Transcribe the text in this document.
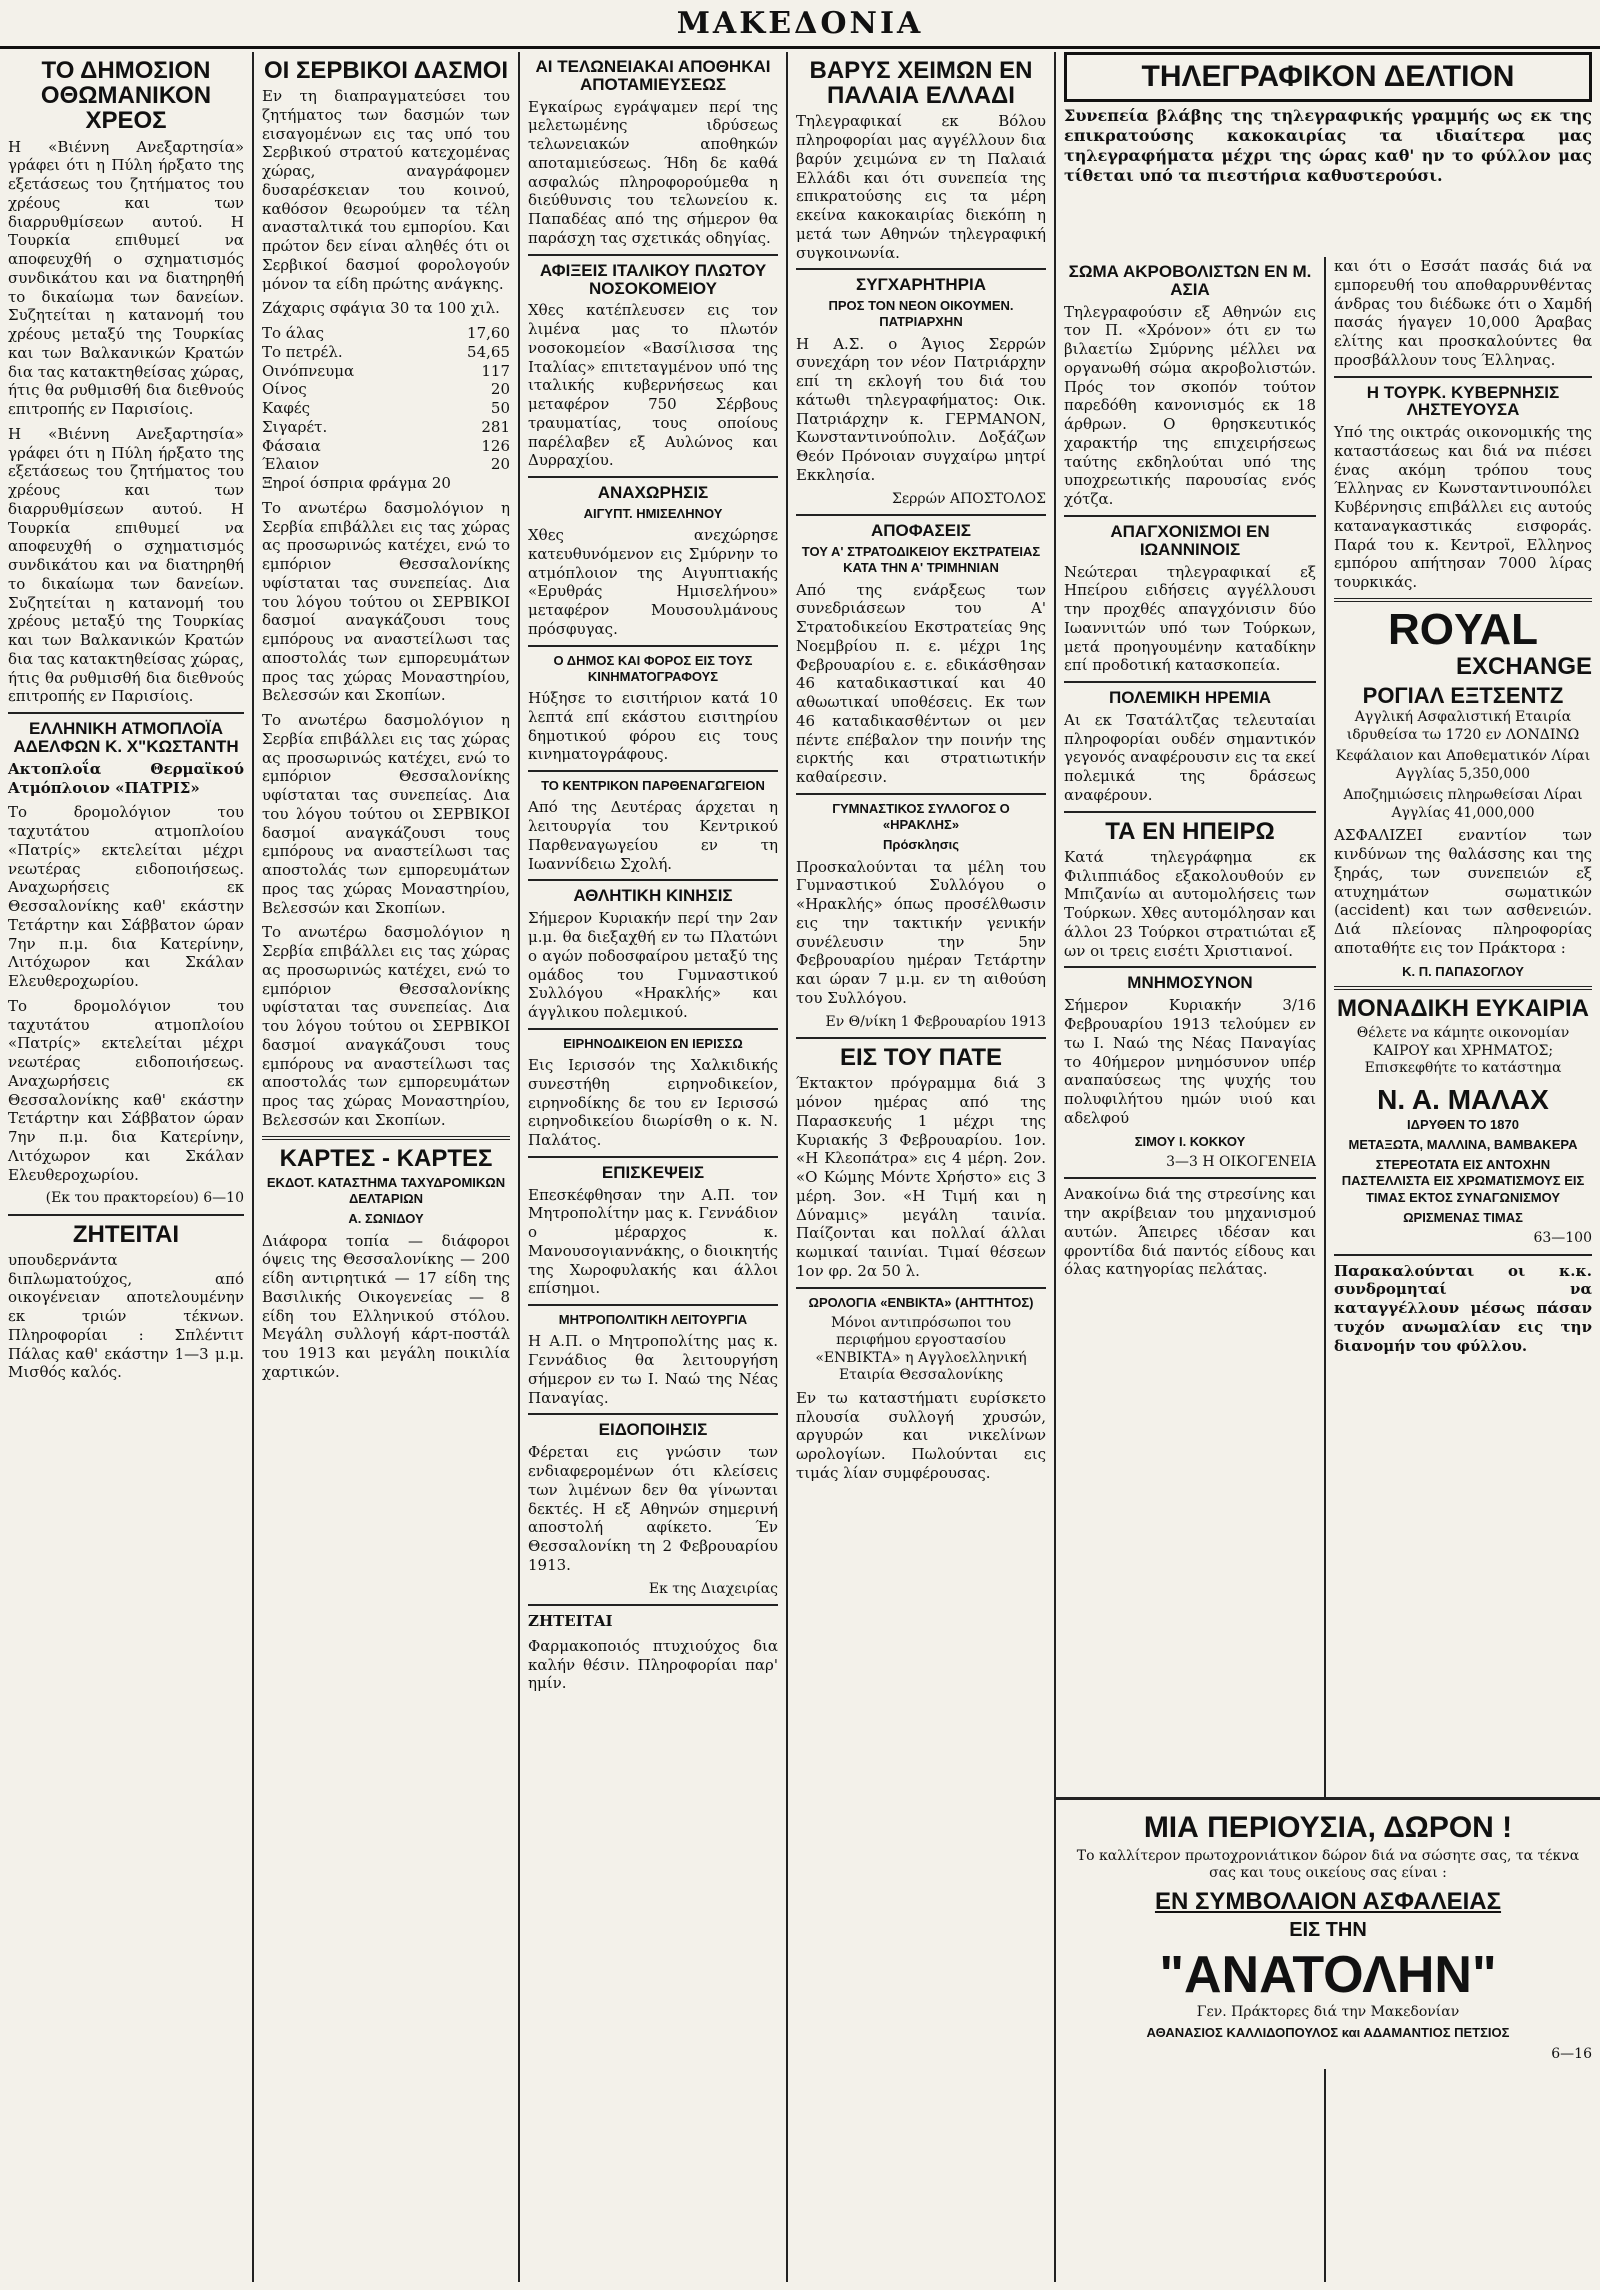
ΜΑΚΕΔΟΝΙΑ
ΤΟ ΔΗΜΟΣΙΟΝ ΟΘΩΜΑΝΙΚΟΝ ΧΡΕΟΣ

Η «Βιέννη Ανεξαρτησία» γράφει ότι η Πύλη ήρξατο της εξετάσεως του ζητήματος του χρέους και των διαρρυθμίσεων αυτού. Η Τουρκία επιθυμεί να αποφευχθή ο σχηματισμός συνδικάτου και να διατηρηθή το δικαίωμα των δανείων. Συζητείται η κατανομή του χρέους μεταξύ της Τουρκίας και των Βαλκανικών Κρατών δια τας κατακτηθείσας χώρας, ήτις θα ρυθμισθή δια διεθνούς επιτροπής εν Παρισίοις.

Η «Βιέννη Ανεξαρτησία» γράφει ότι η Πύλη ήρξατο της εξετάσεως του ζητήματος του χρέους και των διαρρυθμίσεων αυτού. Η Τουρκία επιθυμεί να αποφευχθή ο σχηματισμός συνδικάτου και να διατηρηθή το δικαίωμα των δανείων. Συζητείται η κατανομή του χρέους μεταξύ της Τουρκίας και των Βαλκανικών Κρατών δια τας κατακτηθείσας χώρας, ήτις θα ρυθμισθή δια διεθνούς επιτροπής εν Παρισίοις.

ΕΛΛΗΝΙΚΗ ΑΤΜΟΠΛΟΪΑ ΑΔΕΛΦΩΝ Κ. Χ"ΚΩΣΤΑΝΤΗ

Ακτοπλοΐα Θερμαϊκού Ατμόπλοιον «ΠΑΤΡΙΣ»

Το δρομολόγιον του ταχυτάτου ατμοπλοίου «Πατρίς» εκτελείται μέχρι νεωτέρας ειδοποιήσεως. Αναχωρήσεις εκ Θεσσαλονίκης καθ' εκάστην Τετάρτην και Σάββατον ώραν 7ην π.μ. δια Κατερίνην, Λιτόχωρον και Σκάλαν Ελευθεροχωρίου.

Το δρομολόγιον του ταχυτάτου ατμοπλοίου «Πατρίς» εκτελείται μέχρι νεωτέρας ειδοποιήσεως. Αναχωρήσεις εκ Θεσσαλονίκης καθ' εκάστην Τετάρτην και Σάββατον ώραν 7ην π.μ. δια Κατερίνην, Λιτόχωρον και Σκάλαν Ελευθεροχωρίου.

(Εκ του πρακτορείου) 6—10

ΖΗΤΕΙΤΑΙ

υπουδερνάντα διπλωματούχος, από οικογένειαν αποτελουμένην εκ τριών τέκνων. Πληροφορίαι : Σπλέντιτ Πάλας καθ' εκάστην 1—3 μ.μ. Μισθός καλός.

ΟΙ ΣΕΡΒΙΚΟΙ ΔΑΣΜΟΙ

Εν τη διαπραγματεύσει του ζητήματος των δασμών των εισαγομένων εις τας υπό του Σερβικού στρατού κατεχομένας χώρας, αναγράφομεν δυσαρέσκειαν του κοινού, καθόσον θεωρούμεν τα τέλη ανασταλτικά του εμπορίου. Και πρώτον δεν είναι αληθές ότι οι Σερβικοί δασμοί φορολογούν μόνον τα είδη πρώτης ανάγκης.

Ζάχαρις σφάγια 30 τα 100 χιλ.

Το άλας	17,60
Το πετρέλ.	54,65
Οινόπνευμα	117
Οίνος	20
Καφές	50
Σιγαρέτ.	281
Φάσαια	126
Έλαιον	20

Ξηροί όσπρια φράγμα 20

Το ανωτέρω δασμολόγιον η Σερβία επιβάλλει εις τας χώρας ας προσωρινώς κατέχει, ενώ το εμπόριον Θεσσαλονίκης υφίσταται τας συνεπείας. Δια του λόγου τούτου οι ΣΕΡΒΙΚΟΙ δασμοί αναγκάζουσι τους εμπόρους να αναστείλωσι τας αποστολάς των εμπορευμάτων προς τας χώρας Μοναστηρίου, Βελεσσών και Σκοπίων.

Το ανωτέρω δασμολόγιον η Σερβία επιβάλλει εις τας χώρας ας προσωρινώς κατέχει, ενώ το εμπόριον Θεσσαλονίκης υφίσταται τας συνεπείας. Δια του λόγου τούτου οι ΣΕΡΒΙΚΟΙ δασμοί αναγκάζουσι τους εμπόρους να αναστείλωσι τας αποστολάς των εμπορευμάτων προς τας χώρας Μοναστηρίου, Βελεσσών και Σκοπίων.

Το ανωτέρω δασμολόγιον η Σερβία επιβάλλει εις τας χώρας ας προσωρινώς κατέχει, ενώ το εμπόριον Θεσσαλονίκης υφίσταται τας συνεπείας. Δια του λόγου τούτου οι ΣΕΡΒΙΚΟΙ δασμοί αναγκάζουσι τους εμπόρους να αναστείλωσι τας αποστολάς των εμπορευμάτων προς τας χώρας Μοναστηρίου, Βελεσσών και Σκοπίων.

ΚΑΡΤΕΣ - ΚΑΡΤΕΣ

ΕΚΔΟΤ. ΚΑΤΑΣΤΗΜΑ ΤΑΧΥΔΡΟΜΙΚΩΝ ΔΕΛΤΑΡΙΩΝ

Α. ΣΩΝΙΔΟΥ

Διάφορα τοπία — διάφοροι όψεις της Θεσσαλονίκης — 200 είδη αντιρητικά — 17 είδη της Βασιλικής Οικογενείας — 8 είδη του Ελληνικού στόλου. Μεγάλη συλλογή κάρτ-ποστάλ του 1913 και μεγάλη ποικιλία χαρτικών.

ΑΙ ΤΕΛΩΝΕΙΑΚΑΙ ΑΠΟΘΗΚΑΙ ΑΠΟΤΑΜΙΕΥΣΕΩΣ

Εγκαίρως εγράψαμεν περί της μελετωμένης ιδρύσεως τελωνειακών αποθηκών αποταμιεύσεως. Ήδη δε καθά ασφαλώς πληροφορούμεθα η διεύθυνσις του τελωνείου κ. Παπαδέας από της σήμερον θα παράσχη τας σχετικάς οδηγίας.

ΑΦΙΞΕΙΣ ΙΤΑΛΙΚΟΥ ΠΛΩΤΟΥ ΝΟΣΟΚΟΜΕΙΟΥ

Χθες κατέπλευσεν εις τον λιμένα μας το πλωτόν νοσοκομείον «Βασίλισσα της Ιταλίας» επιτεταγμένον υπό της ιταλικής κυβερνήσεως και μεταφέρον 750 Σέρβους τραυματίας, τους οποίους παρέλαβεν εξ Αυλώνος και Δυρραχίου.

ΑΝΑΧΩΡΗΣΙΣ

ΑΙΓΥΠΤ. ΗΜΙΣΕΛΗΝΟΥ

Χθες ανεχώρησε κατευθυνόμενον εις Σμύρνην το ατμόπλοιον της Αιγυπτιακής «Ερυθράς Ημισελήνου» μεταφέρον Μουσουλμάνους πρόσφυγας.

Ο ΔΗΜΟΣ ΚΑΙ ΦΟΡΟΣ ΕΙΣ ΤΟΥΣ ΚΙΝΗΜΑΤΟΓΡΑΦΟΥΣ

Ηύξησε το εισιτήριον κατά 10 λεπτά επί εκάστου εισιτηρίου δημοτικού φόρου εις τους κινηματογράφους.

ΤΟ ΚΕΝΤΡΙΚΟΝ ΠΑΡΘΕΝΑΓΩΓΕΙΟΝ

Από της Δευτέρας άρχεται η λειτουργία του Κεντρικού Παρθεναγωγείου εν τη Ιωαννίδειω Σχολή.

ΑΘΛΗΤΙΚΗ ΚΙΝΗΣΙΣ

Σήμερον Κυριακήν περί την 2αν μ.μ. θα διεξαχθή εν τω Πλατώνι ο αγών ποδοσφαίρου μεταξύ της ομάδος του Γυμναστικού Συλλόγου «Ηρακλής» και άγγλικου πολεμικού.

ΕΙΡΗΝΟΔΙΚΕΙΟΝ ΕΝ ΙΕΡΙΣΣΩ

Εις Ιερισσόν της Χαλκιδικής συνεστήθη ειρηνοδικείον, ειρηνοδίκης δε του εν Ιερισσώ ειρηνοδικείου διωρίσθη ο κ. Ν. Παλάτος.

ΕΠΙΣΚΕΨΕΙΣ

Επεσκέφθησαν την Α.Π. τον Μητροπολίτην μας κ. Γεννάδιον ο μέραρχος κ. Μανουσογιαννάκης, ο διοικητής της Χωροφυλακής και άλλοι επίσημοι.

ΜΗΤΡΟΠΟΛΙΤΙΚΗ ΛΕΙΤΟΥΡΓΙΑ

Η Α.Π. ο Μητροπολίτης μας κ. Γεννάδιος θα λειτουργήση σήμερον εν τω Ι. Ναώ της Νέας Παναγίας.

ΕΙΔΟΠΟΙΗΣΙΣ

Φέρεται εις γνώσιν των ενδιαφερομένων ότι κλείσεις των λιμένων δεν θα γίνωνται δεκτές. Η εξ Αθηνών σημερινή αποστολή αφίκετο. Έν Θεσσαλονίκη τη 2 Φεβρουαρίου 1913.

Εκ της Διαχειρίας

ΖΗΤΕΙΤΑΙ

Φαρμακοποιός πτυχιούχος δια καλήν θέσιν. Πληροφορίαι παρ' ημίν.

ΒΑΡΥΣ ΧΕΙΜΩΝ ΕΝ ΠΑΛΑΙΑ ΕΛΛΑΔΙ

Τηλεγραφικαί εκ Βόλου πληροφορίαι μας αγγέλλουν δια βαρύν χειμώνα εν τη Παλαιά Ελλάδι και ότι συνεπεία της επικρατούσης εις τα μέρη εκείνα κακοκαιρίας διεκόπη η μετά των Αθηνών τηλεγραφική συγκοινωνία.

ΣΥΓΧΑΡΗΤΗΡΙΑ

ΠΡΟΣ ΤΟΝ ΝΕΟΝ ΟΙΚΟΥΜΕΝ. ΠΑΤΡΙΑΡΧΗΝ

Η Α.Σ. ο Άγιος Σερρών συνεχάρη τον νέον Πατριάρχην επί τη εκλογή του διά του κάτωθι τηλεγραφήματος: Οικ. Πατριάρχην κ. ΓΕΡΜΑΝΟΝ, Κωνσταντινούπολιν. Δοξάζων Θεόν Πρόνοιαν συγχαίρω μητρί Εκκλησία.

Σερρών ΑΠΟΣΤΟΛΟΣ

ΑΠΟΦΑΣΕΙΣ

ΤΟΥ Α' ΣΤΡΑΤΟΔΙΚΕΙΟΥ ΕΚΣΤΡΑΤΕΙΑΣ ΚΑΤΑ ΤΗΝ Α' ΤΡΙΜΗΝΙΑΝ

Από της ενάρξεως των συνεδριάσεων του Α' Στρατοδικείου Εκστρατείας 9ης Νοεμβρίου π. ε. μέχρι 1ης Φεβρουαρίου ε. ε. εδικάσθησαν 46 καταδικαστικαί και 40 αθωωτικαί υποθέσεις. Εκ των 46 καταδικασθέντων οι μεν πέντε επέβαλον την ποινήν της ειρκτής και στρατιωτικήν καθαίρεσιν.

ΓΥΜΝΑΣΤΙΚΟΣ ΣΥΛΛΟΓΟΣ Ο «ΗΡΑΚΛΗΣ»

Πρόσκλησις

Προσκαλούνται τα μέλη του Γυμναστικού Συλλόγου ο «Ηρακλής» όπως προσέλθωσιν εις την τακτικήν γενικήν συνέλευσιν την 5ην Φεβρουαρίου ημέραν Τετάρτην και ώραν 7 μ.μ. εν τη αιθούση του Συλλόγου.

Εν Θ/νίκη 1 Φεβρουαρίου 1913

ΕΙΣ ΤΟΥ ΠΑΤΕ

Έκτακτον πρόγραμμα διά 3 μόνον ημέρας από της Παρασκευής 1 μέχρι της Κυριακής 3 Φεβρουαρίου. 1ον. «Η Κλεοπάτρα» εις 4 μέρη. 2ον. «Ο Κώμης Μόντε Χρήστο» εις 3 μέρη. 3ον. «Η Τιμή και η Δύναμις» μεγάλη ταινία. Παίζονται και πολλαί άλλαι κωμικαί ταινίαι. Τιμαί θέσεων 1ον φρ. 2α 50 λ.

ΩΡΟΛΟΓΙΑ «ΕΝΒΙΚΤΑ» (ΑΗΤΤΗΤΟΣ)

Μόνοι αντιπρόσωποι του περιφήμου εργοστασίου «ΕΝΒΙΚΤΑ» η Αγγλοελληνική Εταιρία Θεσσαλονίκης

Εν τω καταστήματι ευρίσκετο πλουσία συλλογή χρυσών, αργυρών και νικελίνων ωρολογίων. Πωλούνται εις τιμάς λίαν συμφέρουσας.

ΤΗΛΕΓΡΑΦΙΚΟΝ ΔΕΛΤΙΟΝ

Συνεπεία βλάβης της τηλεγραφικής γραμμής ως εκ της επικρατούσης κακοκαιρίας τα ιδιαίτερα μας τηλεγραφήματα μέχρι της ώρας καθ' ην το φύλλον μας τίθεται υπό τα πιεστήρια καθυστερούσι.

ΣΩΜΑ ΑΚΡΟΒΟΛΙΣΤΩΝ ΕΝ Μ. ΑΣΙΑ

Τηλεγραφούσιν εξ Αθηνών εις τον Π. «Χρόνον» ότι εν τω βιλαετίω Σμύρνης μέλλει να οργανωθή σώμα ακροβολιστών. Πρός τον σκοπόν τούτον παρεδόθη κανονισμός εκ 18 άρθρων. Ο θρησκευτικός χαρακτήρ της επιχειρήσεως ταύτης εκδηλούται υπό της υποχρεωτικής παρουσίας ενός χότζα.

ΑΠΑΓΧΟΝΙΣΜΟΙ ΕΝ ΙΩΑΝΝΙΝΟΙΣ

Νεώτεραι τηλεγραφικαί εξ Ηπείρου ειδήσεις αγγέλλουσι την προχθές απαγχόνισιν δύο Ιωαννιτών υπό των Τούρκων, μετά προηγουμένην καταδίκην επί προδοτική κατασκοπεία.

ΠΟΛΕΜΙΚΗ ΗΡΕΜΙΑ

Αι εκ Τσατάλτζας τελευταίαι πληροφορίαι ουδέν σημαντικόν γεγονός αναφέρουσιν εις τα εκεί πολεμικά της δράσεως αναφέρουν.

ΤΑ ΕΝ ΗΠΕΙΡΩ

Κατά τηλεγράφημα εκ Φιλιππιάδος εξακολουθούν εν Μπιζανίω αι αυτομολήσεις των Τούρκων. Χθες αυτομόλησαν και άλλοι 23 Τούρκοι στρατιώται εξ ων οι τρεις εισέτι Χριστιανοί.

ΜΝΗΜΟΣΥΝΟΝ

Σήμερον Κυριακήν 3/16 Φεβρουαρίου 1913 τελούμεν εν τω Ι. Ναώ της Νέας Παναγίας το 40ήμερον μνημόσυνον υπέρ αναπαύσεως της ψυχής του πολυφιλήτου ημών υιού και αδελφού

ΣΙΜΟΥ Ι. ΚΟΚΚΟΥ

3—3 Η ΟΙΚΟΓΕΝΕΙΑ

Ανακοίνω διά της στρεσίνης και την ακρίβειαν του μηχανισμού αυτών. Άπειρες ιδέσαν και φροντίδα διά παντός είδους και όλας κατηγορίας πελάτας.

και ότι ο Εσσάτ πασάς διά να εμπορευθή του αποθαρρυνθέντας άνδρας του διέδωκε ότι ο Χαμδή πασάς ήγαγεν 10,000 Άραβας ελίτης και προσκαλούντες θα προσβάλλουν τους Έλληνας.

Η ΤΟΥΡΚ. ΚΥΒΕΡΝΗΣΙΣ ΛΗΣΤΕΥΟΥΣΑ

Υπό της οικτράς οικονομικής της καταστάσεως και διά να πιέσει ένας ακόμη τρόπου τους Έλληνας εν Κωνσταντινουπόλει Κυβέρνησις επιβάλλει εις αυτούς καταναγκαστικάς εισφοράς. Παρά του κ. Κεντροϊ, Ελληνος εμπόρου απήτησαν 7000 λίρας τουρκικάς.

ROYAL
EXCHANGE
ΡΟΓΙΑΛ ΕΞΤΣΕΝΤΖ

Αγγλική Ασφαλιστική Εταιρία ιδρυθείσα τω 1720 εν ΛΟΝΔΙΝΩ

Κεφάλαιον και Αποθεματικόν Λίραι Αγγλίας 5,350,000

Αποζημιώσεις πληρωθείσαι Λίραι Αγγλίας 41,000,000

ΑΣΦΑΛΙΖΕΙ εναντίον των κινδύνων της θαλάσσης και της ξηράς, των συνεπειών εξ ατυχημάτων σωματικών (accident) και των ασθενειών. Διά πλείονας πληροφορίας αποταθήτε εις τον Πράκτορα :

Κ. Π. ΠΑΠΑΣΟΓΛΟΥ

ΜΟΝΑΔΙΚΗ ΕΥΚΑΙΡΙΑ

Θέλετε να κάμητε οικονομίαν ΚΑΙΡΟΥ και ΧΡΗΜΑΤΟΣ; Επισκεφθήτε το κατάστημα

Ν. Α. ΜΑΛΑΧ

ΙΔΡΥΘΕΝ ΤΟ 1870

ΜΕΤΑΞΩΤΑ, ΜΑΛΛΙΝΑ, ΒΑΜΒΑΚΕΡΑ

ΣΤΕΡΕΟΤΑΤΑ ΕΙΣ ΑΝΤΟΧΗΝ ΠΑΣΤΕΛΛΙΣΤΑ ΕΙΣ ΧΡΩΜΑΤΙΣΜΟΥΣ ΕΙΣ ΤΙΜΑΣ ΕΚΤΟΣ ΣΥΝΑΓΩΝΙΣΜΟΥ

ΩΡΙΣΜΕΝΑΣ ΤΙΜΑΣ

63—100

Παρακαλούνται οι κ.κ. συνδρομηταί να καταγγέλλουν μέσως πάσαν τυχόν ανωμαλίαν εις την διανομήν του φύλλου.

ΜΙΑ ΠΕΡΙΟΥΣΙΑ, ΔΩΡΟΝ !

Το καλλίτερον πρωτοχρονιάτικον δώρον διά να σώσητε σας, τα τέκνα σας και τους οικείους σας είναι :

ΕΝ ΣΥΜΒΟΛΑΙΟΝ ΑΣΦΑΛΕΙΑΣ

ΕΙΣ ΤΗΝ

"ΑΝΑΤΟΛΗΝ"

Γεν. Πράκτορες διά την Μακεδονίαν

ΑΘΑΝΑΣΙΟΣ ΚΑΛΛΙΔΟΠΟΥΛΟΣ και ΑΔΑΜΑΝΤΙΟΣ ΠΕΤΣΙΟΣ

6—16
